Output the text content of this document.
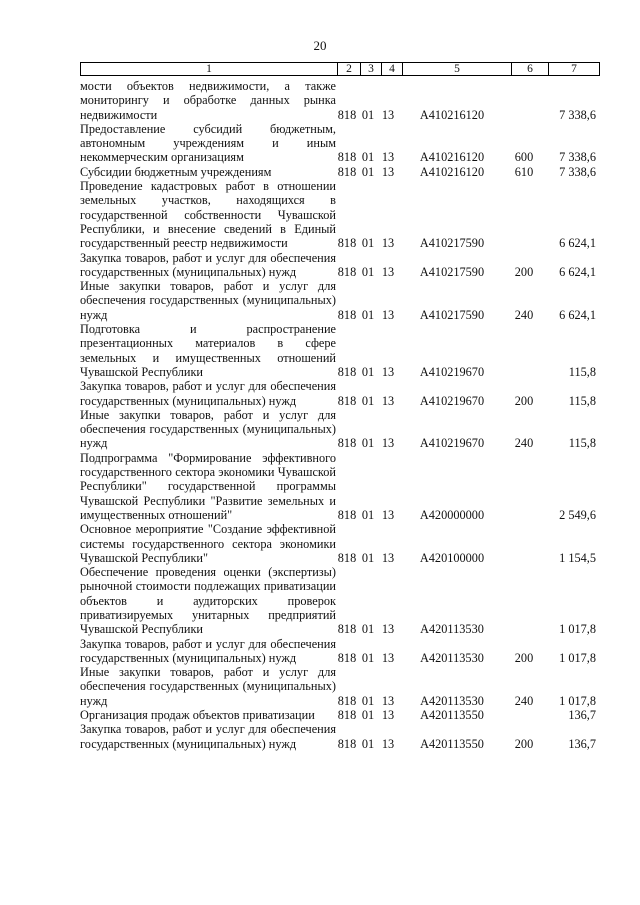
20
1	2	3	4	5	6	7
мости объектов недвижимости, а также мониторингу и обработке данных рынка недвижимости	818 01 13	А410216120	7 338,6
Предоставление субсидий бюджетным, автономным учреждениям и иным некоммерческим организациям	818 01 13	А410216120	600	7 338,6
Субсидии бюджетным учреждениям	818 01 13	А410216120	610	7 338,6
Проведение кадастровых работ в отношении земельных участков, находящихся в государственной собственности Чувашской Республики, и внесение сведений в Единый государственный реестр недвижимости	818 01 13	А410217590	6 624,1
Закупка товаров, работ и услуг для обеспечения государственных (муниципальных) нужд	818 01 13	А410217590	200	6 624,1
Иные закупки товаров, работ и услуг для обеспечения государственных (муниципальных) нужд	818 01 13	А410217590	240	6 624,1
Подготовка и распространение презентационных материалов в сфере земельных и имущественных отношений Чувашской Республики	818 01 13	А410219670	115,8
Закупка товаров, работ и услуг для обеспечения государственных (муниципальных) нужд	818 01 13	А410219670	200	115,8
Иные закупки товаров, работ и услуг для обеспечения государственных (муниципальных) нужд	818 01 13	А410219670	240	115,8
Подпрограмма "Формирование эффективного государственного сектора экономики Чувашской Республики" государственной программы Чувашской Республики "Развитие земельных и имущественных отношений"	818 01 13	А420000000	2 549,6
Основное мероприятие "Создание эффективной системы государственного сектора экономики Чувашской Республики"	818 01 13	А420100000	1 154,5
Обеспечение проведения оценки (экспертизы) рыночной стоимости подлежащих приватизации объектов и аудиторских проверок приватизируемых унитарных предприятий Чувашской Республики	818 01 13	А420113530	1 017,8
Закупка товаров, работ и услуг для обеспечения государственных (муниципальных) нужд	818 01 13	А420113530	200	1 017,8
Иные закупки товаров, работ и услуг для обеспечения государственных (муниципальных) нужд	818 01 13	А420113530	240	1 017,8
Организация продаж объектов приватизации	818 01 13	А420113550	136,7
Закупка товаров, работ и услуг для обеспечения государственных (муниципальных) нужд	818 01 13	А420113550	200	136,7
